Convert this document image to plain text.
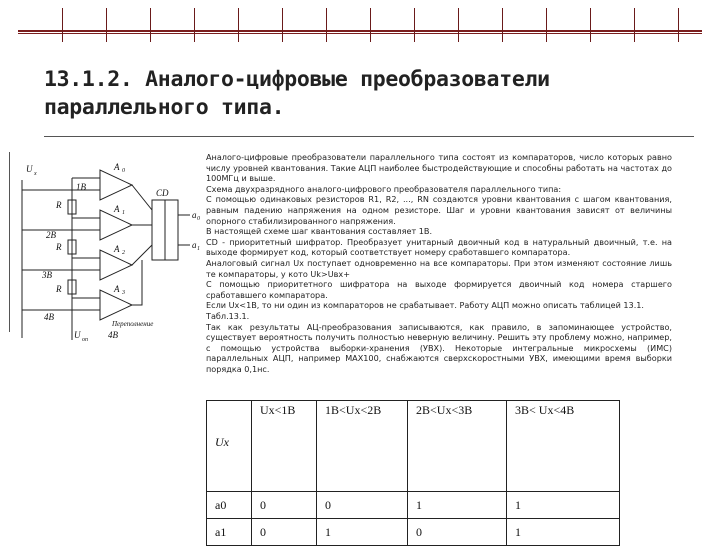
13.1.2. Аналого-цифровые преобразователи
параллельного типа.
U x
1B
R
2B
R
3B
R
4B
A 0
A 1
A 2
A 3
CD
a 0
a 1
U оп 4B
Переполнение

Аналого-цифровые преобразователи параллельного типа состоят из компараторов, число которых равно числу уровней квантования. Такие АЦП наиболее быстродействующие и способны работать на частотах до 100МГц и выше.

Схема двухразрядного аналого-цифрового преобразователя параллельного типа:

С помощью одинаковых резисторов R1, R2, ..., RN создаются уровни квантования с шагом квантования, равным падению напряжения на одном резисторе. Шаг и уровни квантования зависят от величины опорного стабилизированного напряжения.

В настоящей схеме шаг квантования составляет 1В.

CD - приоритетный шифратор. Преобразует унитарный двоичный код в натуральный двоичный, т.е. на выходе формирует код, который соответствует номеру сработавшего компаратора.

Аналоговый сигнал Ux поступает одновременно на все компараторы. При этом изменяют состояние лишь те компараторы, у кото Uk>Uвх+

С помощью приоритетного шифратора на выходе формируется двоичный код номера старшего сработавшего компаратора.

Если Ux<1В, то ни один из компараторов не срабатывает. Работу АЦП можно описать таблицей 13.1.

Табл.13.1.

Так как результаты АЦ-преобразования записываются, как правило, в запоминающее устройство, существует вероятность получить полностью неверную величину. Решить эту проблему можно, например, с помощью устройства выборки-хранения (УВХ). Некоторые интегральные микросхемы (ИМС) параллельных АЦП, например MAX100, снабжаются сверхскоростными УВХ, имеющими время выборки порядка 0,1нс.

Ux	Ux<1B	1B<Ux<2B	2B<Ux<3B	3B< Ux<4B
a0	0	0	1	1
a1	0	1	0	1
